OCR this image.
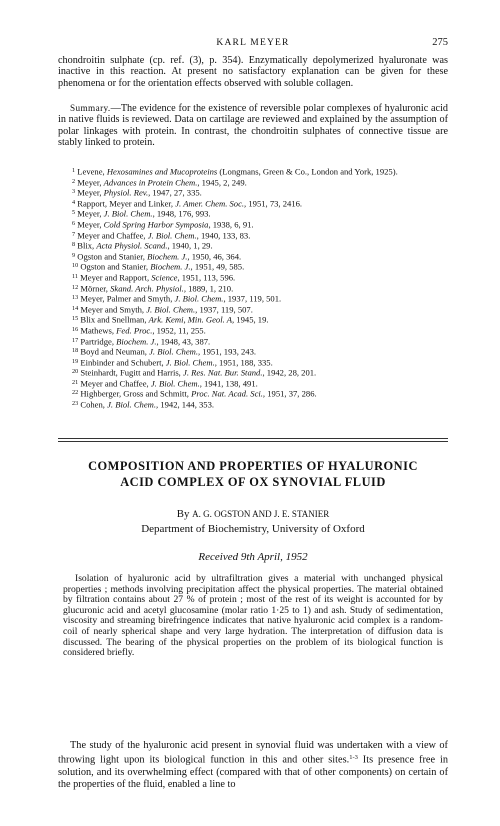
KARL MEYER	275

chondroitin sulphate (cp. ref. (3), p. 354). Enzymatically depolymerized hyaluronate was inactive in this reaction. At present no satisfactory explanation can be given for these phenomena or for the orientation effects observed with soluble collagen.

Summary.—The evidence for the existence of reversible polar complexes of hyaluronic acid in native fluids is reviewed. Data on cartilage are reviewed and explained by the assumption of polar linkages with protein. In contrast, the chondroitin sulphates of connective tissue are stably linked to protein.

$^1$ Levene, Hexosamines and Mucoproteins (Longmans, Green & Co., London and York, 1925).

$^2$ Meyer, Advances in Protein Chem., 1945, 2, 249.

$^3$ Meyer, Physiol. Rev., 1947, 27, 335.

$^4$ Rapport, Meyer and Linker, J. Amer. Chem. Soc., 1951, 73, 2416.

$^5$ Meyer, J. Biol. Chem., 1948, 176, 993.

$^6$ Meyer, Cold Spring Harbor Symposia, 1938, 6, 91.

$^7$ Meyer and Chaffee, J. Biol. Chem., 1940, 133, 83.

$^8$ Blix, Acta Physiol. Scand., 1940, 1, 29.

$^9$ Ogston and Stanier, Biochem. J., 1950, 46, 364.

$^{10}$ Ogston and Stanier, Biochem. J., 1951, 49, 585.

$^{11}$ Meyer and Rapport, Science, 1951, 113, 596.

$^{12}$ Mörner, Skand. Arch. Physiol., 1889, 1, 210.

$^{13}$ Meyer, Palmer and Smyth, J. Biol. Chem., 1937, 119, 501.

$^{14}$ Meyer and Smyth, J. Biol. Chem., 1937, 119, 507.

$^{15}$ Blix and Snellman, Ark. Kemi, Min. Geol. A, 1945, 19.

$^{16}$ Mathews, Fed. Proc., 1952, 11, 255.

$^{17}$ Partridge, Biochem. J., 1948, 43, 387.

$^{18}$ Boyd and Neuman, J. Biol. Chem., 1951, 193, 243.

$^{19}$ Einbinder and Schubert, J. Biol. Chem., 1951, 188, 335.

$^{20}$ Steinhardt, Fugitt and Harris, J. Res. Nat. Bur. Stand., 1942, 28, 201.

$^{21}$ Meyer and Chaffee, J. Biol. Chem., 1941, 138, 491.

$^{22}$ Highberger, Gross and Schmitt, Proc. Nat. Acad. Sci., 1951, 37, 286.

$^{23}$ Cohen, J. Biol. Chem., 1942, 144, 353.

COMPOSITION AND PROPERTIES OF HYALURONIC

ACID COMPLEX OF OX SYNOVIAL FLUID

By A. G. OGSTON AND J. E. STANIER
Department of Biochemistry, University of Oxford
Received 9th April, 1952

Isolation of hyaluronic acid by ultrafiltration gives a material with unchanged physical properties ; methods involving precipitation affect the physical properties. The material obtained by filtration contains about 27 % of protein ; most of the rest of its weight is accounted for by glucuronic acid and acetyl glucosamine (molar ratio 1·25 to 1) and ash. Study of sedimentation, viscosity and streaming birefringence indicates that native hyaluronic acid complex is a random-coil of nearly spherical shape and very large hydration. The interpretation of diffusion data is discussed. The bearing of the physical properties on the problem of its biological function is considered briefly.

The study of the hyaluronic acid present in synovial fluid was undertaken with a view of throwing light upon its biological function in this and other sites.$^{1-3}$ Its presence free in solution, and its overwhelming effect (compared with that of other components) on certain of the properties of the fluid, enabled a line to
